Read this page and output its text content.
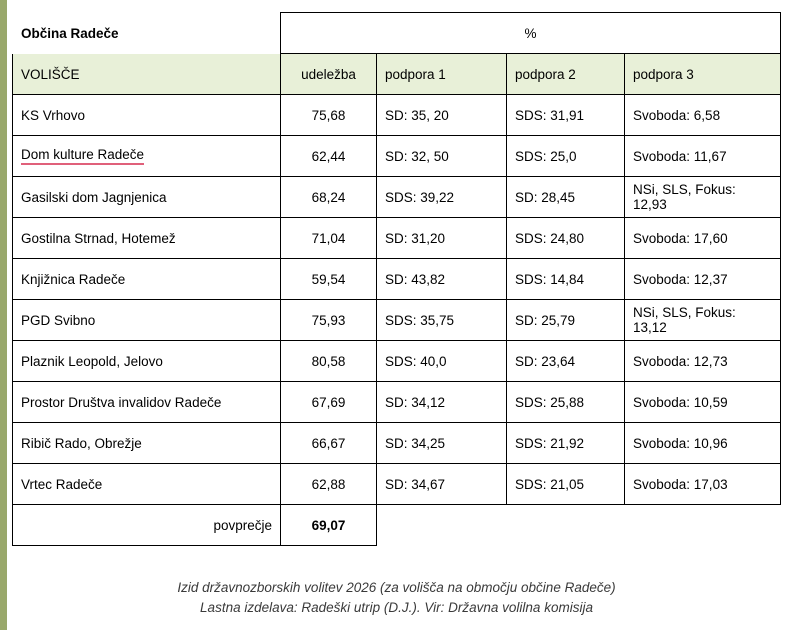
Občina Radeče	%			
VOLIŠČE	udeležba	podpora 1	podpora 2	podpora 3
KS Vrhovo	75,68	SD: 35, 20	SDS: 31,91	Svoboda: 6,58
Dom kulture Radeče	62,44	SD: 32, 50	SDS: 25,0	Svoboda: 11,67
Gasilski dom Jagnjenica	68,24	SDS: 39,22	SD: 28,45	NSi, SLS, Fokus: 12,93
Gostilna Strnad, Hotemež	71,04	SD: 31,20	SDS: 24,80	Svoboda: 17,60
Knjižnica Radeče	59,54	SD: 43,82	SDS: 14,84	Svoboda: 12,37
PGD Svibno	75,93	SDS: 35,75	SD: 25,79	NSi, SLS, Fokus: 13,12
Plaznik Leopold, Jelovo	80,58	SDS: 40,0	SD: 23,64	Svoboda: 12,73
Prostor Društva invalidov Radeče	67,69	SD: 34,12	SDS: 25,88	Svoboda: 10,59
Ribič Rado, Obrežje	66,67	SD: 34,25	SDS: 21,92	Svoboda: 10,96
Vrtec Radeče	62,88	SD: 34,67	SDS: 21,05	Svoboda: 17,03
povprečje	69,07			
Izid državnozborskih volitev 2026 (za volišča na območju občine Radeče)
Lastna izdelava: Radeški utrip (D.J.). Vir: Državna volilna komisija
